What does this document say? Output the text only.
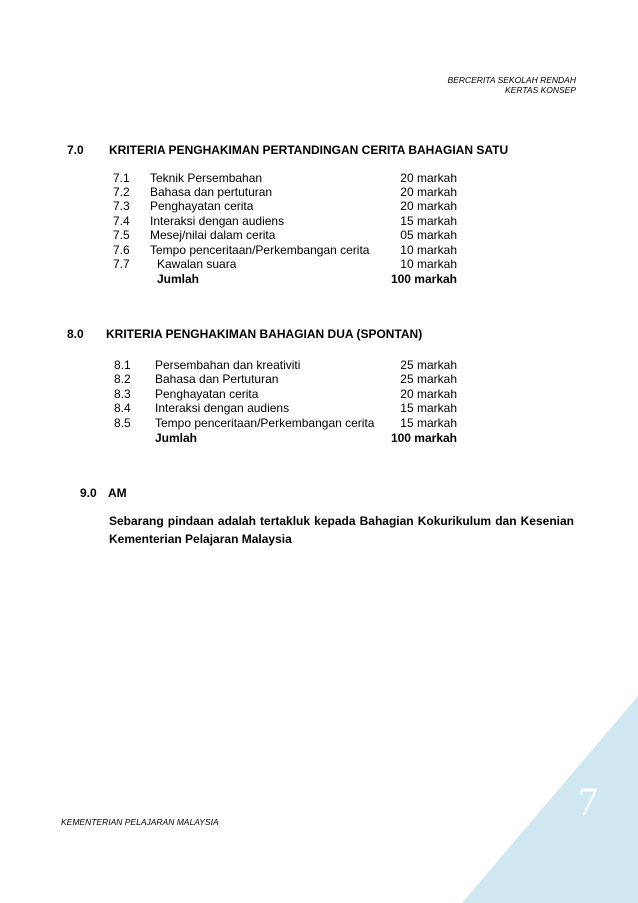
BERCERITA SEKOLAH RENDAH
KERTAS KONSEP
7.0 KRITERIA PENGHAKIMAN PERTANDINGAN CERITA BAHAGIAN SATU
7.1 Teknik Persembahan	20 markah
7.2 Bahasa dan pertuturan	20 markah
7.3 Penghayatan cerita	20 markah
7.4 Interaksi dengan audiens	15 markah
7.5 Mesej/nilai dalam cerita	05 markah
7.6 Tempo penceritaan/Perkembangan cerita	10 markah
7.7 Kawalan suara	10 markah
Jumlah	100 markah
8.0 KRITERIA PENGHAKIMAN BAHAGIAN DUA (SPONTAN)
8.1 Persembahan dan kreativiti	25 markah
8.2 Bahasa dan Pertuturan	25 markah
8.3 Penghayatan cerita	20 markah
8.4 Interaksi dengan audiens	15 markah
8.5 Tempo penceritaan/Perkembangan cerita 15 markah
Jumlah	100 markah
9.0 AM
Sebarang pindaan adalah tertakluk kepada Bahagian Kokurikulum dan Kesenian Kementerian Pelajaran Malaysia
KEMENTERIAN PELAJARAN MALAYSIA	7
